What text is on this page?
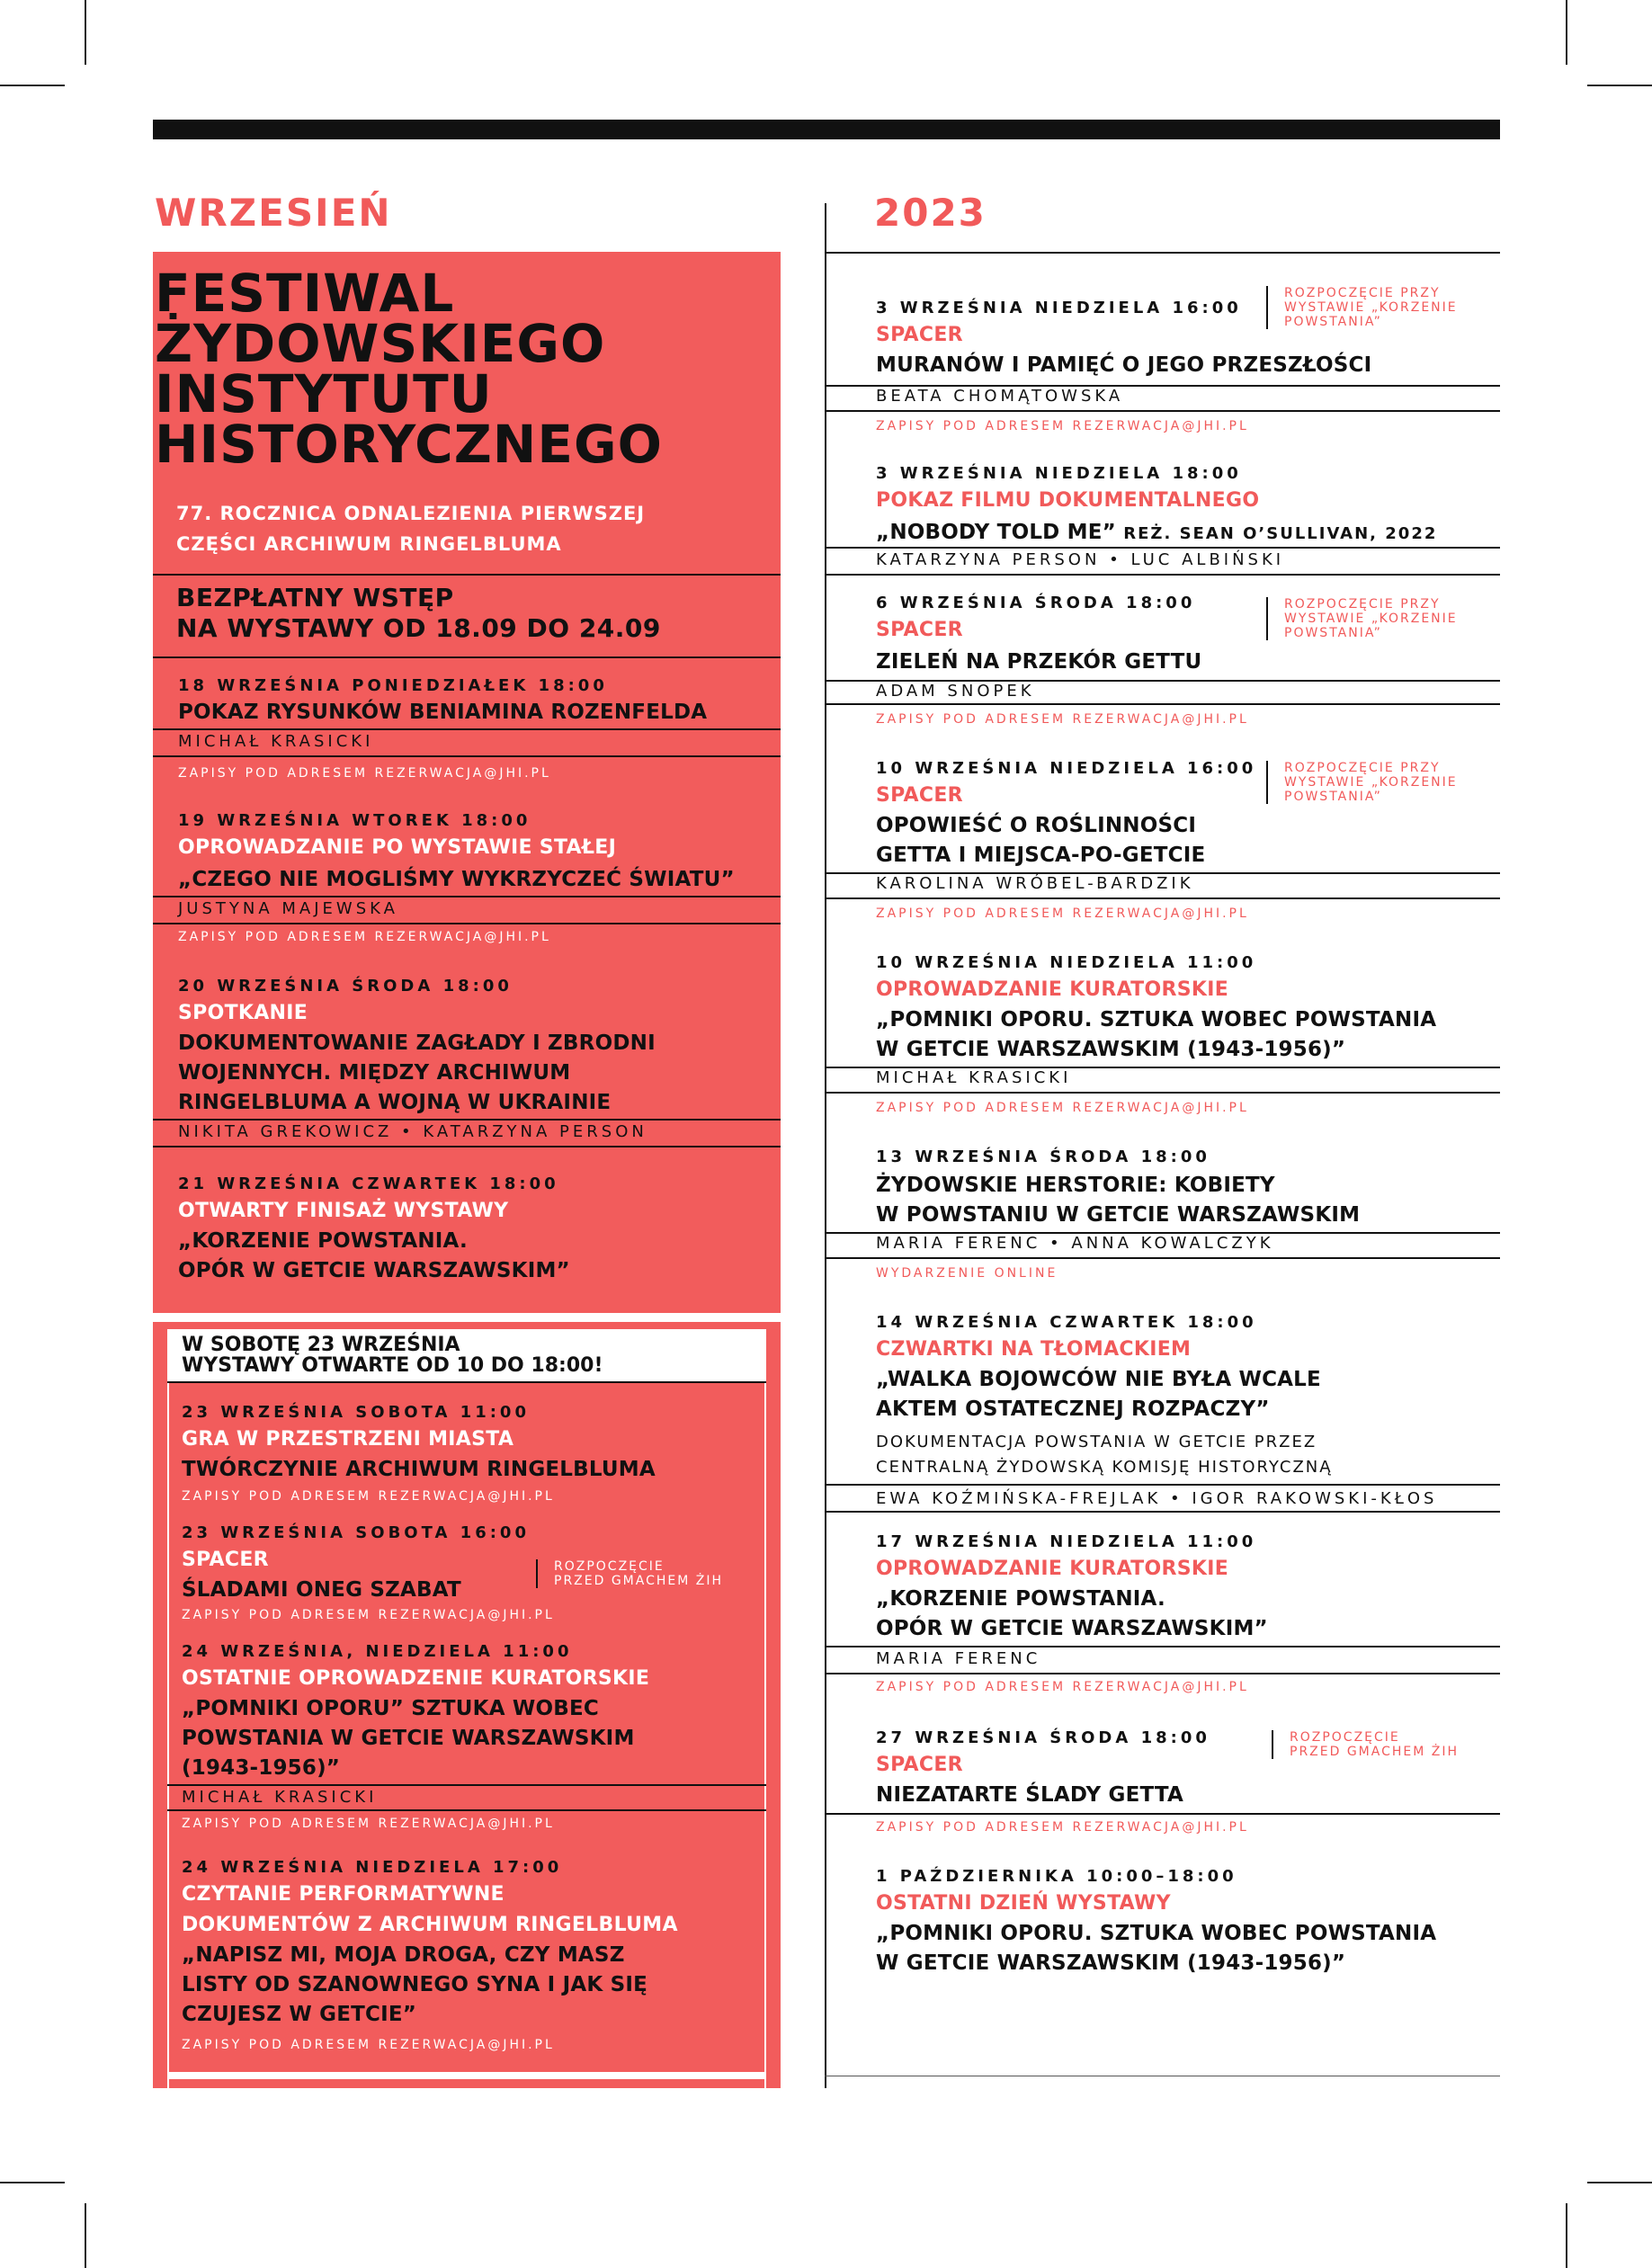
WRZESIEŃ	2023
FESTIWAL
ŻYDOWSKIEGO
INSTYTUTU
HISTORYCZNEGO
77. ROCZNICA ODNALEZIENIA PIERWSZEJ
CZĘŚCI ARCHIWUM RINGELBLUMA
BEZPŁATNY WSTĘP
NA WYSTAWY OD 18.09 DO 24.09
18 WRZEŚNIA PONIEDZIAŁEK 18:00
POKAZ RYSUNKÓW BENIAMINA ROZENFELDA
MICHAŁ KRASICKI
ZAPISY POD ADRESEM REZERWACJA@JHI.PL
19 WRZEŚNIA WTOREK 18:00
OPROWADZANIE PO WYSTAWIE STAŁEJ
„CZEGO NIE MOGLIŚMY WYKRZYCZEĆ ŚWIATU”
JUSTYNA MAJEWSKA
ZAPISY POD ADRESEM REZERWACJA@JHI.PL
20 WRZEŚNIA ŚRODA 18:00
SPOTKANIE
DOKUMENTOWANIE ZAGŁADY I ZBRODNI
WOJENNYCH. MIĘDZY ARCHIWUM
RINGELBLUMA A WOJNĄ W UKRAINIE
NIKITA GREKOWICZ • KATARZYNA PERSON
21 WRZEŚNIA CZWARTEK 18:00
OTWARTY FINISAŻ WYSTAWY
„KORZENIE POWSTANIA.
OPÓR W GETCIE WARSZAWSKIM”
W SOBOTĘ 23 WRZEŚNIA
WYSTAWY OTWARTE OD 10 DO 18:00!
23 WRZEŚNIA SOBOTA 11:00
GRA W PRZESTRZENI MIASTA
TWÓRCZYNIE ARCHIWUM RINGELBLUMA
ZAPISY POD ADRESEM REZERWACJA@JHI.PL
23 WRZEŚNIA SOBOTA 16:00
SPACER
ŚLADAMI ONEG SZABAT
ROZPOCZĘCIE
PRZED GMACHEM ŻIH
ZAPISY POD ADRESEM REZERWACJA@JHI.PL
24 WRZEŚNIA, NIEDZIELA 11:00
OSTATNIE OPROWADZENIE KURATORSKIE
„POMNIKI OPORU” SZTUKA WOBEC
POWSTANIA W GETCIE WARSZAWSKIM
(1943-1956)”
MICHAŁ KRASICKI
ZAPISY POD ADRESEM REZERWACJA@JHI.PL
24 WRZEŚNIA NIEDZIELA 17:00
CZYTANIE PERFORMATYWNE
DOKUMENTÓW Z ARCHIWUM RINGELBLUMA
„NAPISZ MI, MOJA DROGA, CZY MASZ
LISTY OD SZANOWNEGO SYNA I JAK SIĘ
CZUJESZ W GETCIE”
ZAPISY POD ADRESEM REZERWACJA@JHI.PL
3 WRZEŚNIA NIEDZIELA 16:00
SPACER
MURANÓW I PAMIĘĆ O JEGO PRZESZŁOŚCI
ROZPOCZĘCIE PRZY
WYSTAWIE „KORZENIE
POWSTANIA”
BEATA CHOMĄTOWSKA
ZAPISY POD ADRESEM REZERWACJA@JHI.PL
3 WRZEŚNIA NIEDZIELA 18:00
POKAZ FILMU DOKUMENTALNEGO
„NOBODY TOLD ME” REŻ. SEAN O’SULLIVAN, 2022
KATARZYNA PERSON • LUC ALBIŃSKI
6 WRZEŚNIA ŚRODA 18:00
SPACER
ZIELEŃ NA PRZEKÓR GETTU
ROZPOCZĘCIE PRZY
WYSTAWIE „KORZENIE
POWSTANIA”
ADAM SNOPEK
ZAPISY POD ADRESEM REZERWACJA@JHI.PL
10 WRZEŚNIA NIEDZIELA 16:00
SPACER
OPOWIEŚĆ O ROŚLINNOŚCI
GETTA I MIEJSCA-PO-GETCIE
ROZPOCZĘCIE PRZY
WYSTAWIE „KORZENIE
POWSTANIA”
KAROLINA WRÓBEL-BARDZIK
ZAPISY POD ADRESEM REZERWACJA@JHI.PL
10 WRZEŚNIA NIEDZIELA 11:00
OPROWADZANIE KURATORSKIE
„POMNIKI OPORU. SZTUKA WOBEC POWSTANIA
W GETCIE WARSZAWSKIM (1943-1956)”
MICHAŁ KRASICKI
ZAPISY POD ADRESEM REZERWACJA@JHI.PL
13 WRZEŚNIA ŚRODA 18:00
ŻYDOWSKIE HERSTORIE: KOBIETY
W POWSTANIU W GETCIE WARSZAWSKIM
MARIA FERENC • ANNA KOWALCZYK
WYDARZENIE ONLINE
14 WRZEŚNIA CZWARTEK 18:00
CZWARTKI NA TŁOMACKIEM
„WALKA BOJOWCÓW NIE BYŁA WCALE
AKTEM OSTATECZNEJ ROZPACZY”
DOKUMENTACJA POWSTANIA W GETCIE PRZEZ
CENTRALNĄ ŻYDOWSKĄ KOMISJĘ HISTORYCZNĄ
EWA KOŹMIŃSKA-FREJLAK • IGOR RAKOWSKI-KŁOS
17 WRZEŚNIA NIEDZIELA 11:00
OPROWADZANIE KURATORSKIE
„KORZENIE POWSTANIA.
OPÓR W GETCIE WARSZAWSKIM”
MARIA FERENC
ZAPISY POD ADRESEM REZERWACJA@JHI.PL
27 WRZEŚNIA ŚRODA 18:00
SPACER
NIEZATARTE ŚLADY GETTA
ROZPOCZĘCIE
PRZED GMACHEM ŻIH
ZAPISY POD ADRESEM REZERWACJA@JHI.PL
1 PAŹDZIERNIKA 10:00–18:00
OSTATNI DZIEŃ WYSTAWY
„POMNIKI OPORU. SZTUKA WOBEC POWSTANIA
W GETCIE WARSZAWSKIM (1943-1956)”
